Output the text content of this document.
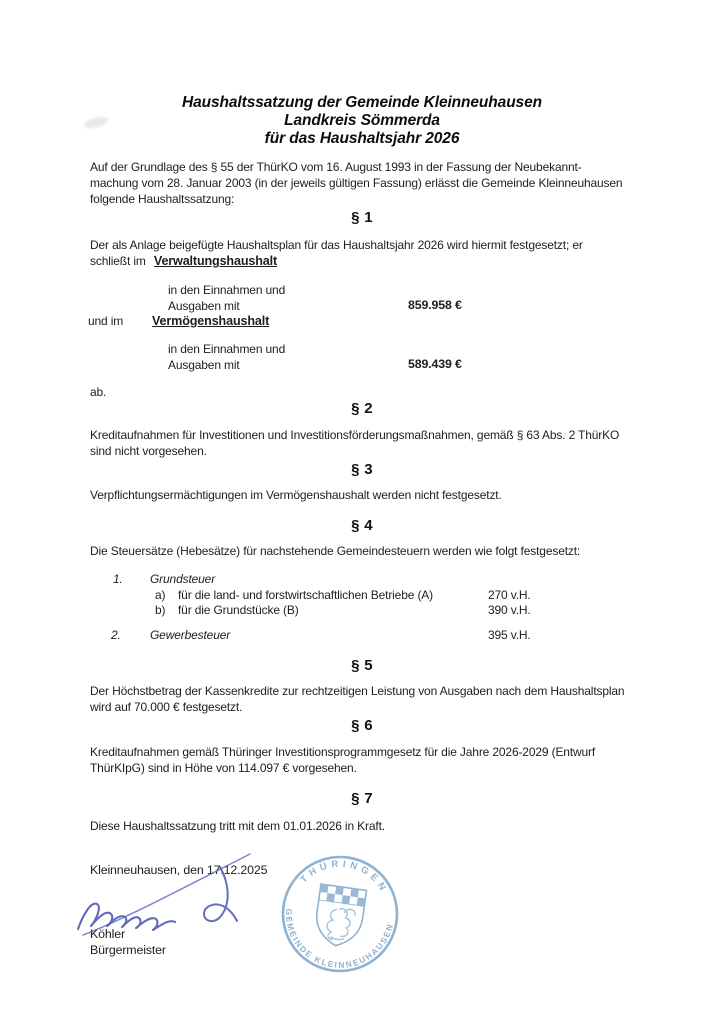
Haushaltssatzung der Gemeinde Kleinneuhausen
Landkreis Sömmerda
für das Haushaltsjahr 2026
Auf der Grundlage des § 55 der ThürKO vom 16. August 1993 in der Fassung der Neubekannt-
machung vom 28. Januar 2003 (in der jeweils gültigen Fassung) erlässt die Gemeinde Kleinneuhausen
folgende Haushaltssatzung:
§ 1
Der als Anlage beigefügte Haushaltsplan für das Haushaltsjahr 2026 wird hiermit festgesetzt; er
schließt im Verwaltungshaushalt
in den Einnahmen und
Ausgaben mit	859.958 €
und im Vermögenshaushalt
in den Einnahmen und
Ausgaben mit	589.439 €
ab.
§ 2
Kreditaufnahmen für Investitionen und Investitionsförderungsmaßnahmen, gemäß § 63 Abs. 2 ThürKO
sind nicht vorgesehen.
§ 3
Verpflichtungsermächtigungen im Vermögenshaushalt werden nicht festgesetzt.
§ 4
Die Steuersätze (Hebesätze) für nachstehende Gemeindesteuern werden wie folgt festgesetzt:
1. Grundsteuer
a) für die land- und forstwirtschaftlichen Betriebe (A)	270 v.H.
b) für die Grundstücke (B)	390 v.H.
2. Gewerbesteuer	395 v.H.
§ 5
Der Höchstbetrag der Kassenkredite zur rechtzeitigen Leistung von Ausgaben nach dem Haushaltsplan
wird auf 70.000 € festgesetzt.
§ 6
Kreditaufnahmen gemäß Thüringer Investitionsprogrammgesetz für die Jahre 2026-2029 (Entwurf
ThürKIpG) sind in Höhe von 114.097 € vorgesehen.
§ 7
Diese Haushaltssatzung tritt mit dem 01.01.2026 in Kraft.
Kleinneuhausen, den 17.12.2025
Köhler
Bürgermeister
THÜRINGEN
GEMEINDE KLEINNEUHAUSEN
